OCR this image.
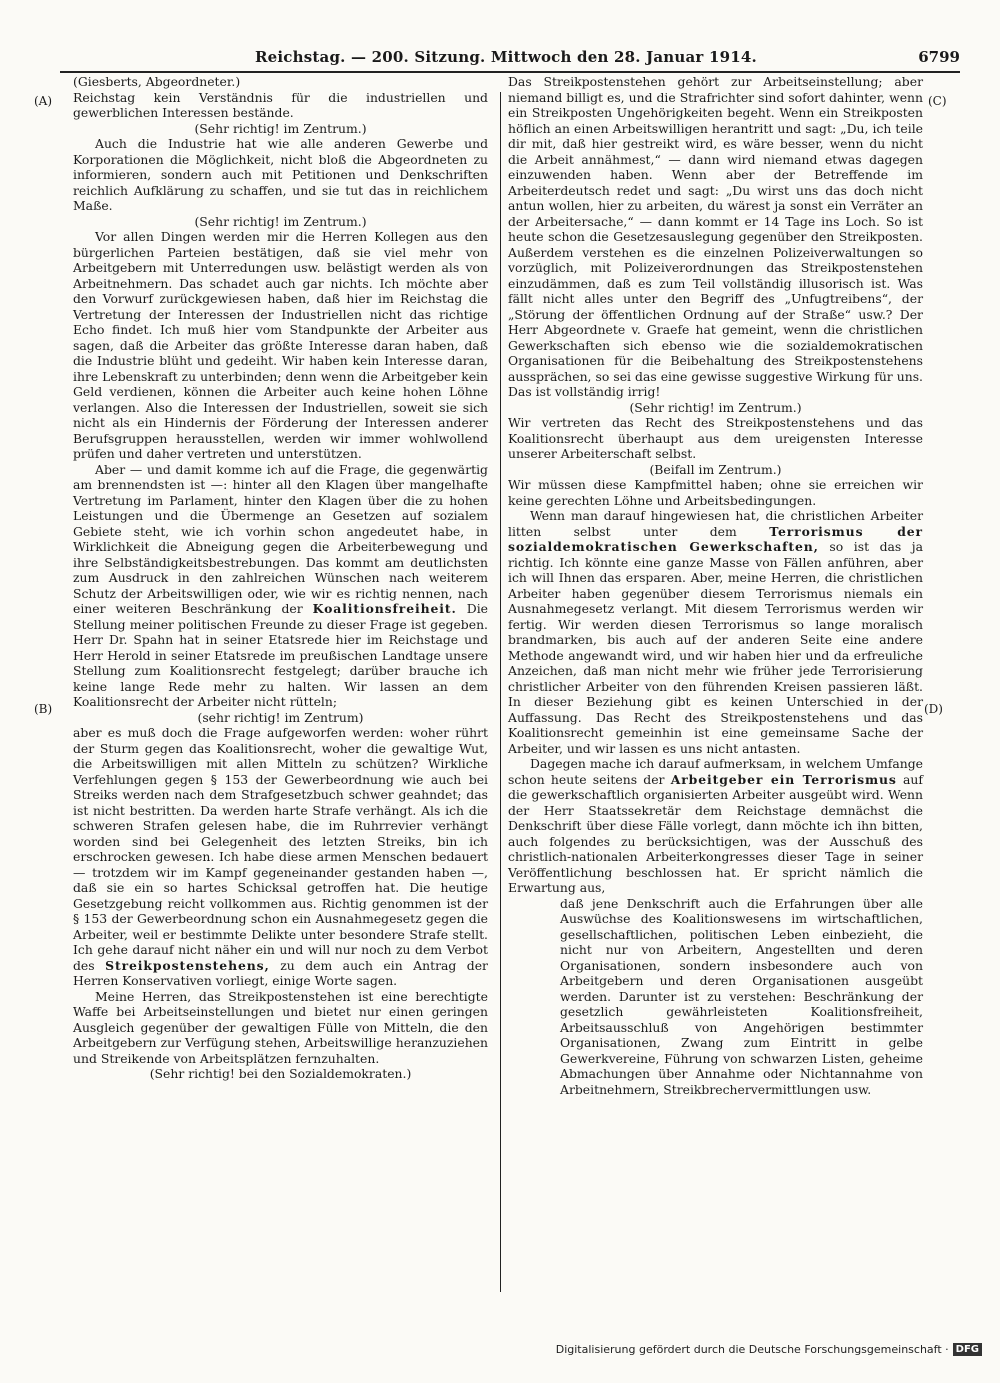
Reichstag. — 200. Sitzung. Mittwoch den 28. Januar 1914.	6799
(A)
(B)
(C)
(D)

(Giesberts, Abgeordneter.)

Reichstag kein Verständnis für die industriellen und gewerblichen Interessen bestände.

(Sehr richtig! im Zentrum.)

Auch die Industrie hat wie alle anderen Gewerbe und Korporationen die Möglichkeit, nicht bloß die Abgeordneten zu informieren, sondern auch mit Petitionen und Denkschriften reichlich Aufklärung zu schaffen, und sie tut das in reichlichem Maße.

(Sehr richtig! im Zentrum.)

Vor allen Dingen werden mir die Herren Kollegen aus den bürgerlichen Parteien bestätigen, daß sie viel mehr von Arbeitgebern mit Unterredungen usw. belästigt werden als von Arbeitnehmern. Das schadet auch gar nichts. Ich möchte aber den Vorwurf zurückgewiesen haben, daß hier im Reichstag die Vertretung der Interessen der Industriellen nicht das richtige Echo findet. Ich muß hier vom Standpunkte der Arbeiter aus sagen, daß die Arbeiter das größte Interesse daran haben, daß die Industrie blüht und gedeiht. Wir haben kein Interesse daran, ihre Lebenskraft zu unterbinden; denn wenn die Arbeitgeber kein Geld verdienen, können die Arbeiter auch keine hohen Löhne verlangen. Also die Interessen der Industriellen, soweit sie sich nicht als ein Hindernis der Förderung der Interessen anderer Berufsgruppen herausstellen, werden wir immer wohlwollend prüfen und daher vertreten und unterstützen.

Aber — und damit komme ich auf die Frage, die gegenwärtig am brennendsten ist —: hinter all den Klagen über mangelhafte Vertretung im Parlament, hinter den Klagen über die zu hohen Leistungen und die Übermenge an Gesetzen auf sozialem Gebiete steht, wie ich vorhin schon angedeutet habe, in Wirklichkeit die Abneigung gegen die Arbeiterbewegung und ihre Selbständigkeitsbestrebungen. Das kommt am deutlichsten zum Ausdruck in den zahlreichen Wünschen nach weiterem Schutz der Arbeitswilligen oder, wie wir es richtig nennen, nach einer weiteren Beschränkung der Koalitionsfreiheit. Die Stellung meiner politischen Freunde zu dieser Frage ist gegeben. Herr Dr. Spahn hat in seiner Etatsrede hier im Reichstage und Herr Herold in seiner Etatsrede im preußischen Landtage unsere Stellung zum Koalitionsrecht festgelegt; darüber brauche ich keine lange Rede mehr zu halten. Wir lassen an dem Koalitionsrecht der Arbeiter nicht rütteln;

(sehr richtig! im Zentrum)

aber es muß doch die Frage aufgeworfen werden: woher rührt der Sturm gegen das Koalitionsrecht, woher die gewaltige Wut, die Arbeitswilligen mit allen Mitteln zu schützen? Wirkliche Verfehlungen gegen § 153 der Gewerbeordnung wie auch bei Streiks werden nach dem Strafgesetzbuch schwer geahndet; das ist nicht bestritten. Da werden harte Strafe verhängt. Als ich die schweren Strafen gelesen habe, die im Ruhrrevier verhängt worden sind bei Gelegenheit des letzten Streiks, bin ich erschrocken gewesen. Ich habe diese armen Menschen bedauert — trotzdem wir im Kampf gegeneinander gestanden haben —, daß sie ein so hartes Schicksal getroffen hat. Die heutige Gesetzgebung reicht vollkommen aus. Richtig genommen ist der § 153 der Gewerbeordnung schon ein Ausnahmegesetz gegen die Arbeiter, weil er bestimmte Delikte unter besondere Strafe stellt. Ich gehe darauf nicht näher ein und will nur noch zu dem Verbot des Streikpostenstehens, zu dem auch ein Antrag der Herren Konservativen vorliegt, einige Worte sagen.

Meine Herren, das Streikpostenstehen ist eine berechtigte Waffe bei Arbeitseinstellungen und bietet nur einen geringen Ausgleich gegenüber der gewaltigen Fülle von Mitteln, die den Arbeitgebern zur Verfügung stehen, Arbeitswillige heranzuziehen und Streikende von Arbeitsplätzen fernzuhalten.

(Sehr richtig! bei den Sozialdemokraten.)

Das Streikpostenstehen gehört zur Arbeitseinstellung; aber niemand billigt es, und die Strafrichter sind sofort dahinter, wenn ein Streikposten Ungehörigkeiten begeht. Wenn ein Streikposten höflich an einen Arbeitswilligen herantritt und sagt: „Du, ich teile dir mit, daß hier gestreikt wird, es wäre besser, wenn du nicht die Arbeit annähmest,“ — dann wird niemand etwas dagegen einzuwenden haben. Wenn aber der Betreffende im Arbeiterdeutsch redet und sagt: „Du wirst uns das doch nicht antun wollen, hier zu arbeiten, du wärest ja sonst ein Verräter an der Arbeitersache,“ — dann kommt er 14 Tage ins Loch. So ist heute schon die Gesetzesauslegung gegenüber den Streikposten. Außerdem verstehen es die einzelnen Polizeiverwaltungen so vorzüglich, mit Polizeiverordnungen das Streikpostenstehen einzudämmen, daß es zum Teil vollständig illusorisch ist. Was fällt nicht alles unter den Begriff des „Unfugtreibens“, der „Störung der öffentlichen Ordnung auf der Straße“ usw.? Der Herr Abgeordnete v. Graefe hat gemeint, wenn die christlichen Gewerkschaften sich ebenso wie die sozialdemokratischen Organisationen für die Beibehaltung des Streikpostenstehens aussprächen, so sei das eine gewisse suggestive Wirkung für uns. Das ist vollständig irrig!

(Sehr richtig! im Zentrum.)

Wir vertreten das Recht des Streikpostenstehens und das Koalitionsrecht überhaupt aus dem ureigensten Interesse unserer Arbeiterschaft selbst.

(Beifall im Zentrum.)

Wir müssen diese Kampfmittel haben; ohne sie erreichen wir keine gerechten Löhne und Arbeitsbedingungen.

Wenn man darauf hingewiesen hat, die christlichen Arbeiter litten selbst unter dem	Terrorismus der sozialdemokratischen Gewerkschaften, so ist das ja richtig. Ich könnte eine ganze Masse von Fällen anführen, aber ich will Ihnen das ersparen. Aber, meine Herren, die christlichen Arbeiter haben gegenüber diesem Terrorismus niemals ein Ausnahmegesetz verlangt. Mit diesem Terrorismus werden wir fertig. Wir werden diesen Terrorismus so lange moralisch brandmarken, bis auch auf der anderen Seite eine andere Methode angewandt wird, und wir haben hier und da erfreuliche Anzeichen, daß man nicht mehr wie früher jede Terrorisierung christlicher Arbeiter von den führenden Kreisen passieren läßt. In dieser Beziehung gibt es keinen Unterschied in der Auffassung. Das Recht des Streikpostenstehens und das Koalitionsrecht gemeinhin ist eine gemeinsame Sache der Arbeiter, und wir lassen es uns nicht antasten.

Dagegen mache ich darauf aufmerksam, in welchem Umfange schon heute seitens der Arbeitgeber ein Terrorismus auf die gewerkschaftlich organisierten Arbeiter ausgeübt wird. Wenn der Herr Staatssekretär dem Reichstage demnächst die Denkschrift über diese Fälle vorlegt, dann möchte ich ihn bitten, auch folgendes zu berücksichtigen, was der Ausschuß des christlich-nationalen Arbeiterkongresses dieser Tage in seiner Veröffentlichung beschlossen hat. Er spricht nämlich die Erwartung aus,

daß jene Denkschrift auch die Erfahrungen über alle Auswüchse des Koalitionswesens im wirtschaftlichen, gesellschaftlichen, politischen Leben einbezieht, die nicht nur von Arbeitern, Angestellten und deren Organisationen, sondern insbesondere auch von Arbeitgebern und deren Organisationen ausgeübt werden. Darunter ist zu verstehen: Beschränkung der gesetzlich gewährleisteten Koalitionsfreiheit, Arbeitsausschluß von Angehörigen bestimmter Organisationen, Zwang zum Eintritt in gelbe Gewerkvereine, Führung von schwarzen Listen, geheime Abmachungen über Annahme oder Nichtannahme von Arbeitnehmern, Streikbrechervermittlungen usw.

Digitalisierung gefördert durch die Deutsche Forschungsgemeinschaft · DFG
